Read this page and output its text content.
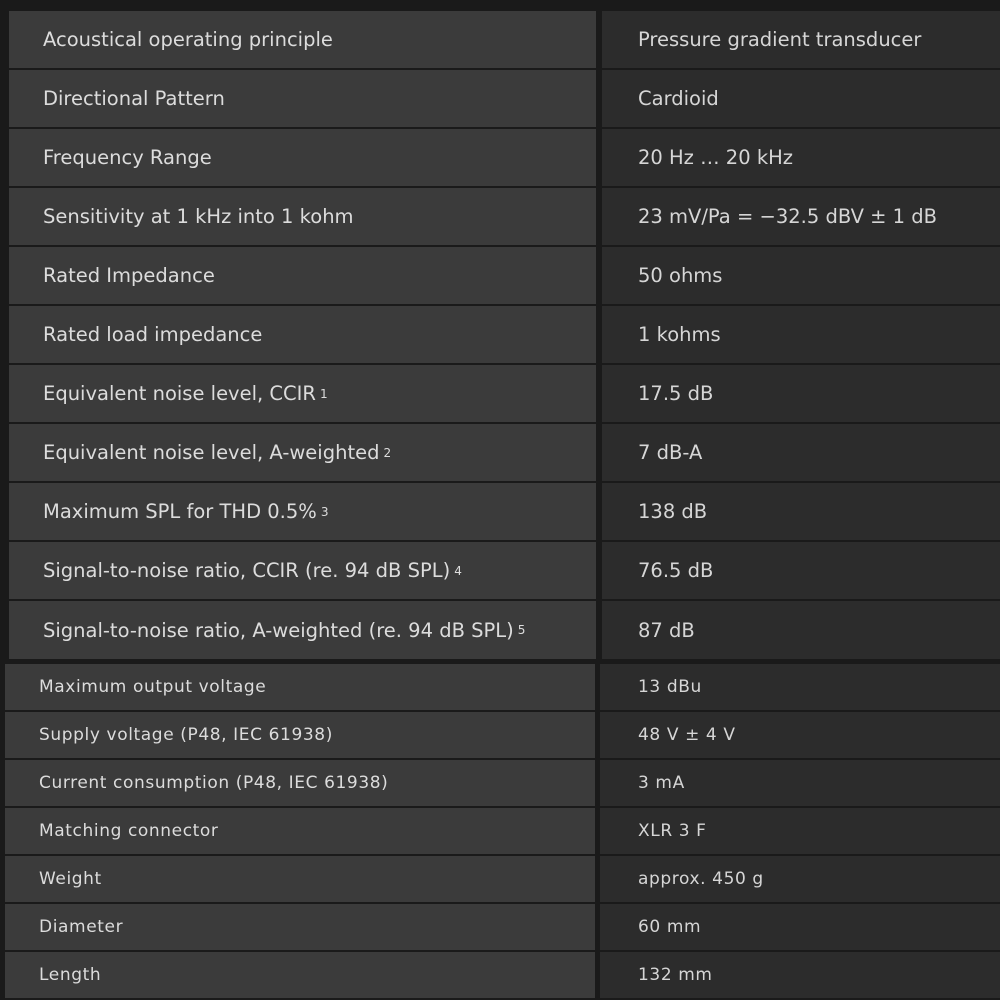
Acoustical operating principle	Pressure gradient transducer
Directional Pattern	Cardioid
Frequency Range	20 Hz … 20 kHz
Sensitivity at 1 kHz into 1 kohm	23 mV/Pa = −32.5 dBV ± 1 dB
Rated Impedance	50 ohms
Rated load impedance	1 kohms
Equivalent noise level, CCIR 1	17.5 dB
Equivalent noise level, A-weighted 2	7 dB-A
Maximum SPL for THD 0.5% 3	138 dB
Signal-to-noise ratio, CCIR (re. 94 dB SPL) 4	76.5 dB
Signal-to-noise ratio, A-weighted (re. 94 dB SPL) 5	87 dB
Maximum output voltage	13 dBu
Supply voltage (P48, IEC 61938)	48 V ± 4 V
Current consumption (P48, IEC 61938)	3 mA
Matching connector	XLR 3 F
Weight	approx. 450 g
Diameter	60 mm
Length	132 mm
